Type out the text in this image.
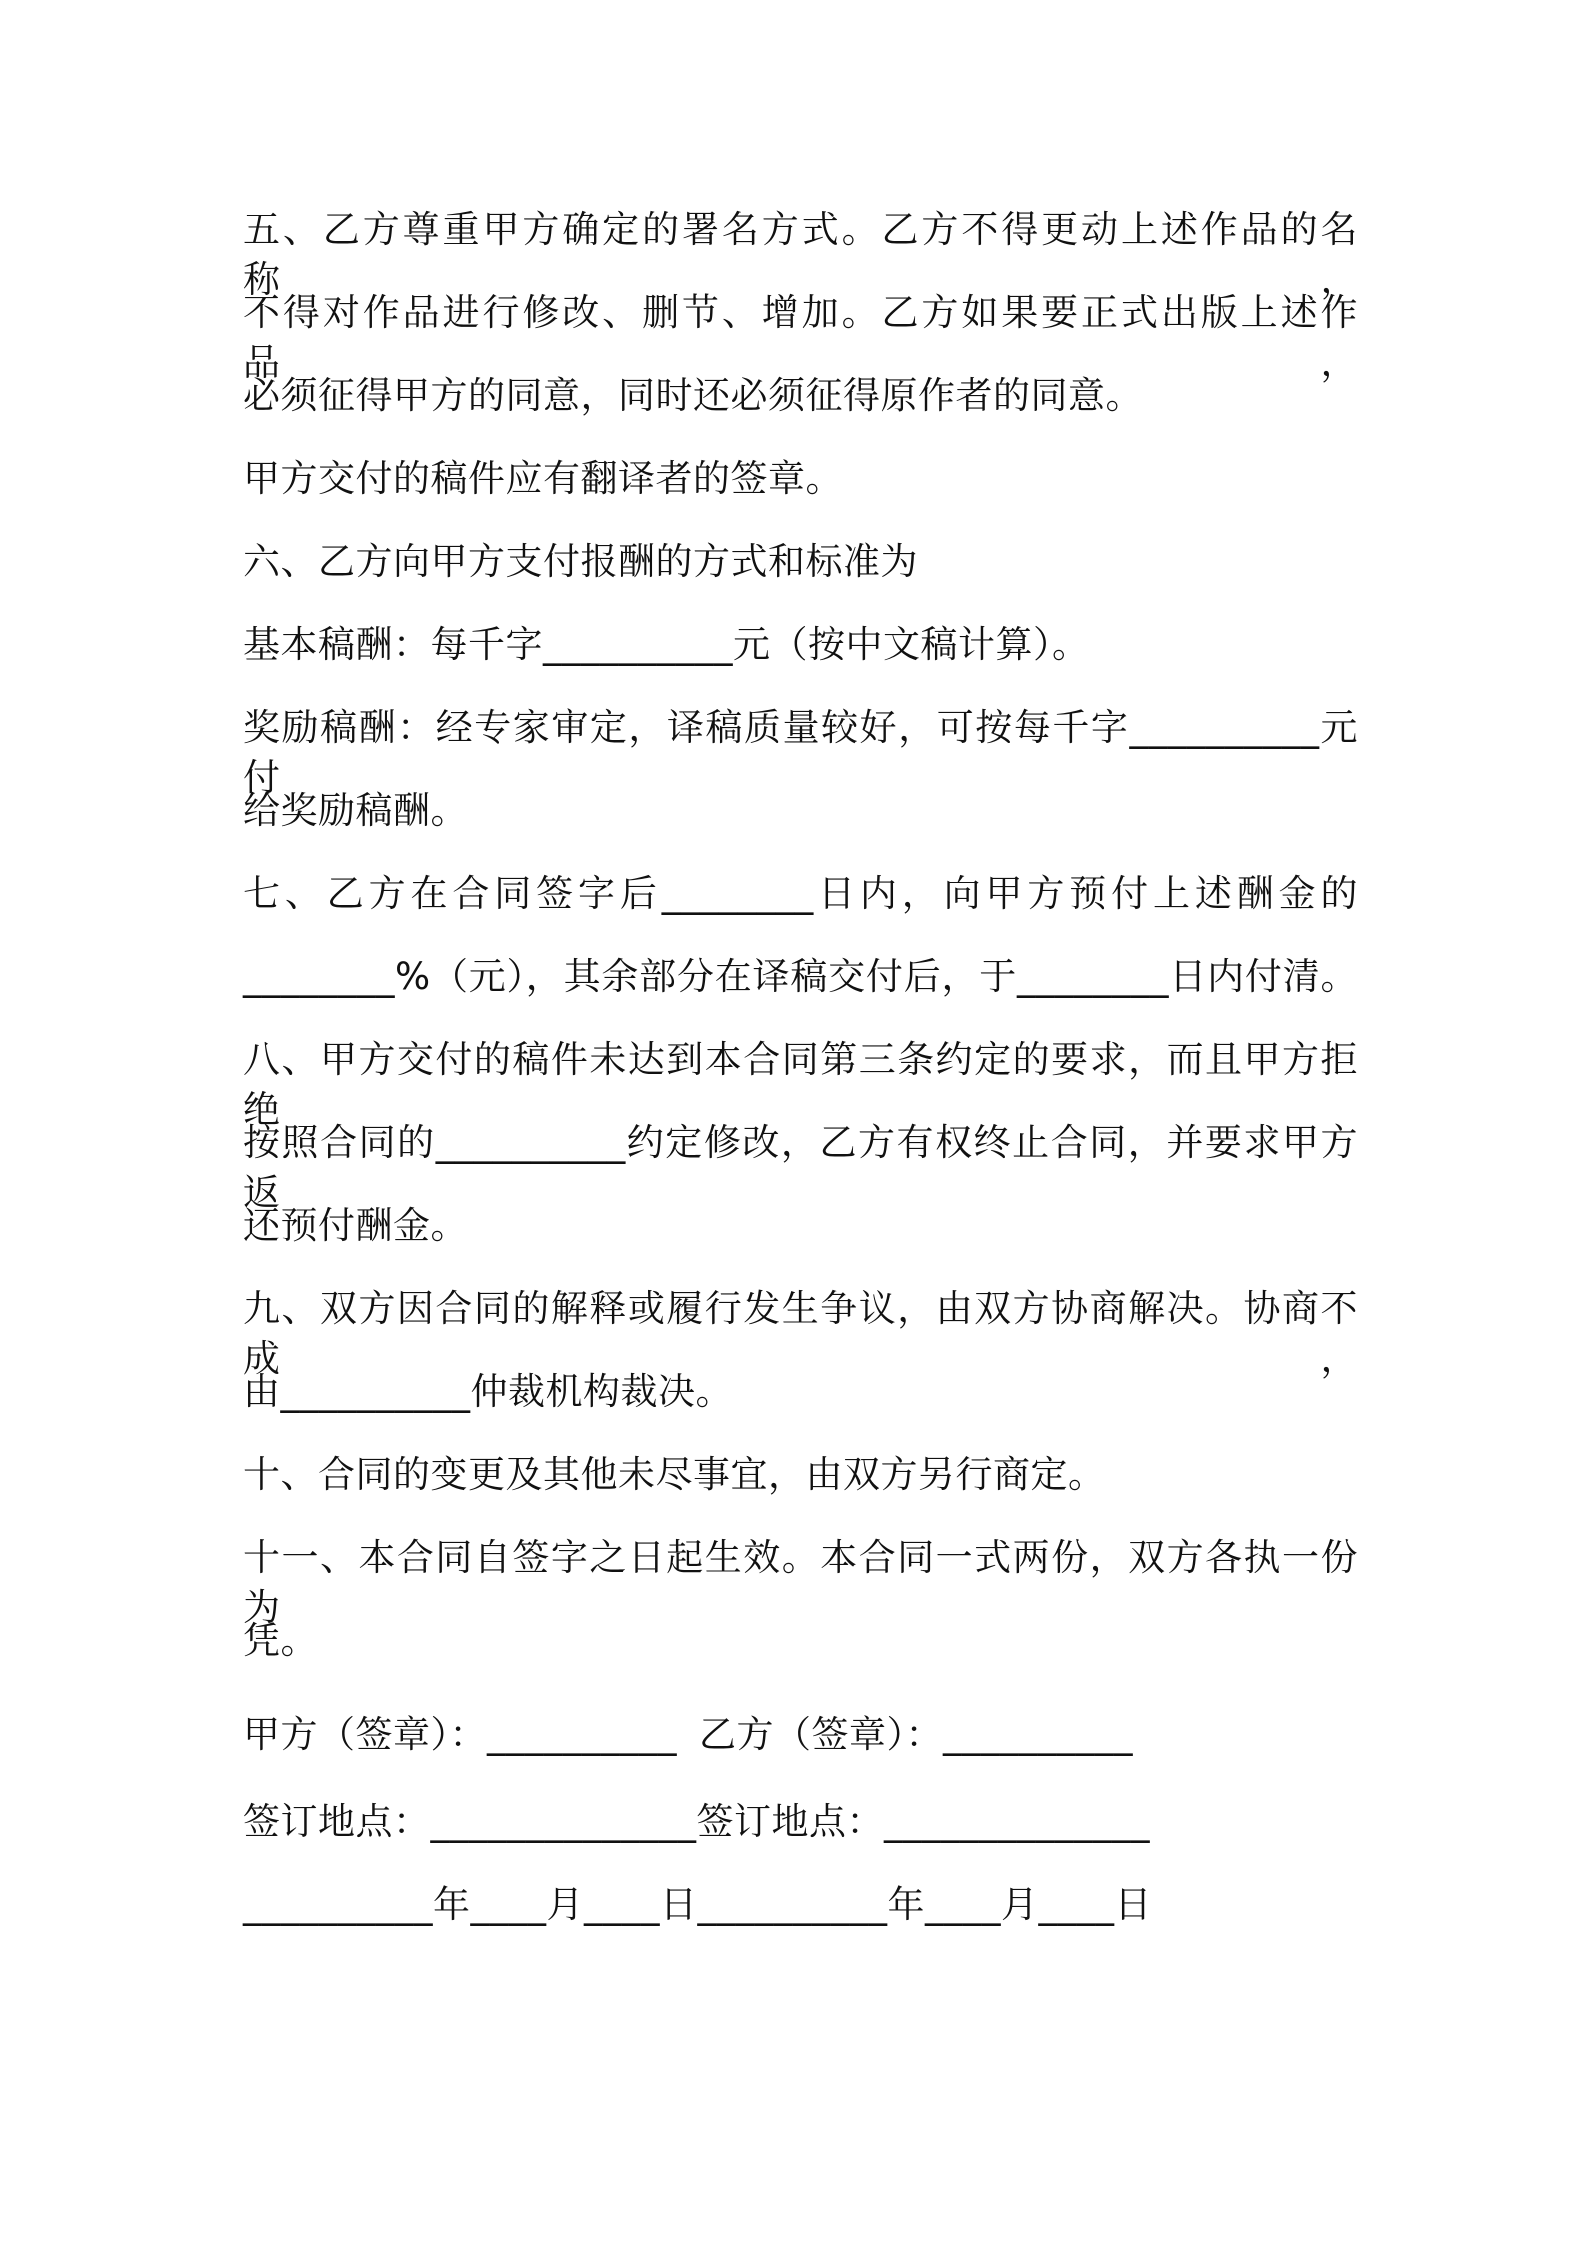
五、乙方尊重甲方确定的署名方式。乙方不得更动上述作品的名称，
不得对作品进行修改、删节、增加。乙方如果要正式出版上述作品，
必须征得甲方的同意，同时还必须征得原作者的同意。
甲方交付的稿件应有翻译者的签章。
六、乙方向甲方支付报酬的方式和标准为
基本稿酬：每千字__________元（按中文稿计算）。
奖励稿酬：经专家审定，译稿质量较好，可按每千字__________元付
给奖励稿酬。
七、乙方在合同签字后________日内，向甲方预付上述酬金的
________%（元），其余部分在译稿交付后，于________日内付清。
八、甲方交付的稿件未达到本合同第三条约定的要求，而且甲方拒绝
按照合同的__________约定修改，乙方有权终止合同，并要求甲方返
还预付酬金。
九、双方因合同的解释或履行发生争议，由双方协商解决。协商不成，
由__________仲裁机构裁决。
十、合同的变更及其他未尽事宜，由双方另行商定。
十一、本合同自签字之日起生效。本合同一式两份，双方各执一份为
凭。
甲方（签章）：__________ 乙方（签章）：__________
签订地点：______________签订地点：______________
__________年____月____日__________年____月____日
